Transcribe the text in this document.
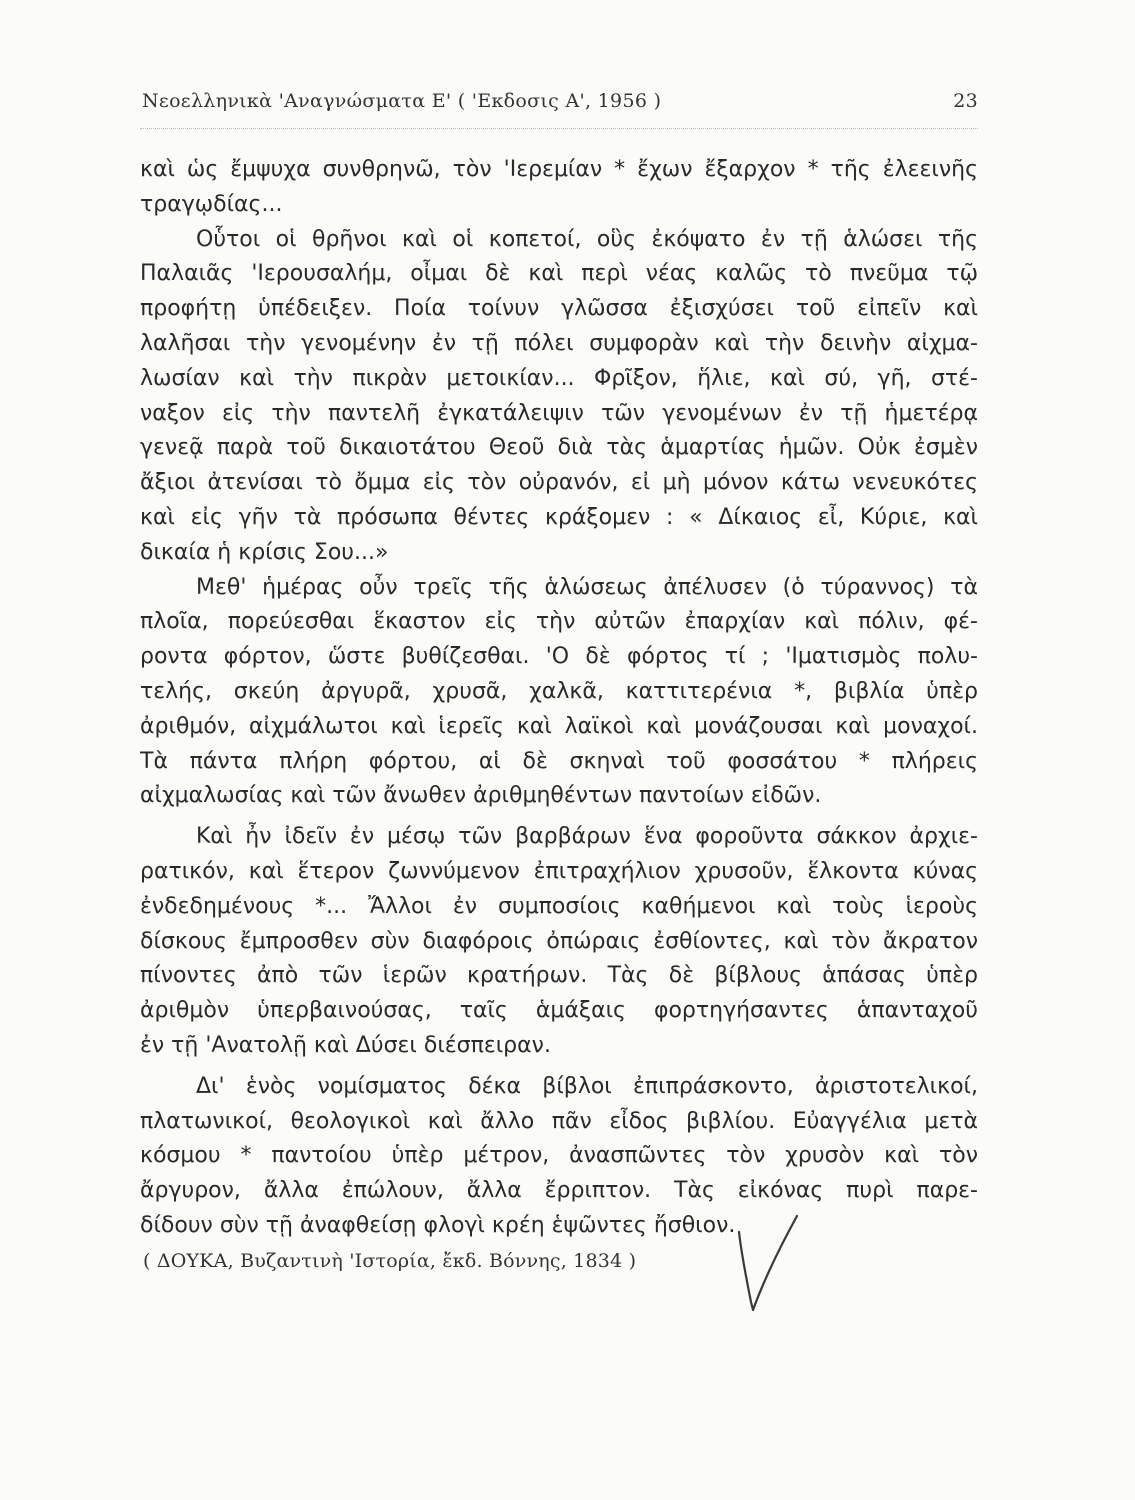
Νεοελληνικὰ 'Αναγνώσματα Ε' ( 'Εκδοσις Α', 1956 )	23
καὶ ὡς ἔμψυχα συνθρηνῶ, τὸν 'Ιερεμίαν * ἔχων ἔξαρχον * τῆς ἐλεεινῆς
τραγῳδίας...
Οὗτοι οἱ θρῆνοι καὶ οἱ κοπετοί, οὓς ἐκόψατο ἐν τῇ ἁλώσει τῆς
Παλαιᾶς 'Ιερουσαλήμ, οἶμαι δὲ καὶ περὶ νέας καλῶς τὸ πνεῦμα τῷ
προφήτῃ ὑπέδειξεν. Ποία τοίνυν γλῶσσα ἐξισχύσει τοῦ εἰπεῖν καὶ
λαλῆσαι τὴν γενομένην ἐν τῇ πόλει συμφορὰν καὶ τὴν δεινὴν αἰχμα-
λωσίαν καὶ τὴν πικρὰν μετοικίαν... Φρῖξον, ἥλιε, καὶ σύ, γῆ, στέ-
ναξον εἰς τὴν παντελῆ ἐγκατάλειψιν τῶν γενομένων ἐν τῇ ἡμετέρᾳ
γενεᾷ παρὰ τοῦ δικαιοτάτου Θεοῦ διὰ τὰς ἁμαρτίας ἡμῶν. Οὐκ ἐσμὲν
ἄξιοι ἀτενίσαι τὸ ὄμμα εἰς τὸν οὐρανόν, εἰ μὴ μόνον κάτω νενευκότες
καὶ εἰς γῆν τὰ πρόσωπα θέντες κράξομεν : « Δίκαιος εἶ, Κύριε, καὶ
δικαία ἡ κρίσις Σου...»
Μεθ' ἡμέρας οὖν τρεῖς τῆς ἁλώσεως ἀπέλυσεν (ὁ τύραννος) τὰ
πλοῖα, πορεύεσθαι ἕκαστον εἰς τὴν αὐτῶν ἐπαρχίαν καὶ πόλιν, φέ-
ροντα φόρτον, ὥστε βυθίζεσθαι. 'Ο δὲ φόρτος τί ; 'Ιματισμὸς πολυ-
τελής, σκεύη ἀργυρᾶ, χρυσᾶ, χαλκᾶ, καττιτερένια *, βιβλία ὑπὲρ
ἀριθμόν, αἰχμάλωτοι καὶ ἱερεῖς καὶ λαϊκοὶ καὶ μονάζουσαι καὶ μοναχοί.
Τὰ πάντα πλήρη φόρτου, αἱ δὲ σκηναὶ τοῦ φοσσάτου * πλήρεις
αἰχμαλωσίας καὶ τῶν ἄνωθεν ἀριθμηθέντων παντοίων εἰδῶν.
Καὶ ἦν ἰδεῖν ἐν μέσῳ τῶν βαρβάρων ἕνα φοροῦντα σάκκον ἀρχιε-
ρατικόν, καὶ ἕτερον ζωννύμενον ἐπιτραχήλιον χρυσοῦν, ἕλκοντα κύνας
ἐνδεδημένους *... Ἄλλοι ἐν συμποσίοις καθήμενοι καὶ τοὺς ἱεροὺς
δίσκους ἔμπροσθεν σὺν διαφόροις ὀπώραις ἐσθίοντες, καὶ τὸν ἄκρατον
πίνοντες ἀπὸ τῶν ἱερῶν κρατήρων. Τὰς δὲ βίβλους ἁπάσας ὑπὲρ
ἀριθμὸν ὑπερβαινούσας, ταῖς ἁμάξαις φορτηγήσαντες ἁπανταχοῦ
ἐν τῇ 'Ανατολῇ καὶ Δύσει διέσπειραν.
Δι' ἑνὸς νομίσματος δέκα βίβλοι ἐπιπράσκοντο, ἀριστοτελικοί,
πλατωνικοί, θεολογικοὶ καὶ ἄλλο πᾶν εἶδος βιβλίου. Εὐαγγέλια μετὰ
κόσμου * παντοίου ὑπὲρ μέτρον, ἀνασπῶντες τὸν χρυσὸν καὶ τὸν
ἄργυρον, ἄλλα ἐπώλουν, ἄλλα ἔρριπτον. Τὰς εἰκόνας πυρὶ παρε-
δίδουν σὺν τῇ ἀναφθείσῃ φλογὶ κρέη ἑψῶντες ἤσθιον.
( ΔΟΥΚΑ, Βυζαντινὴ 'Ιστορία, ἔκδ. Βόννης, 1834 )
